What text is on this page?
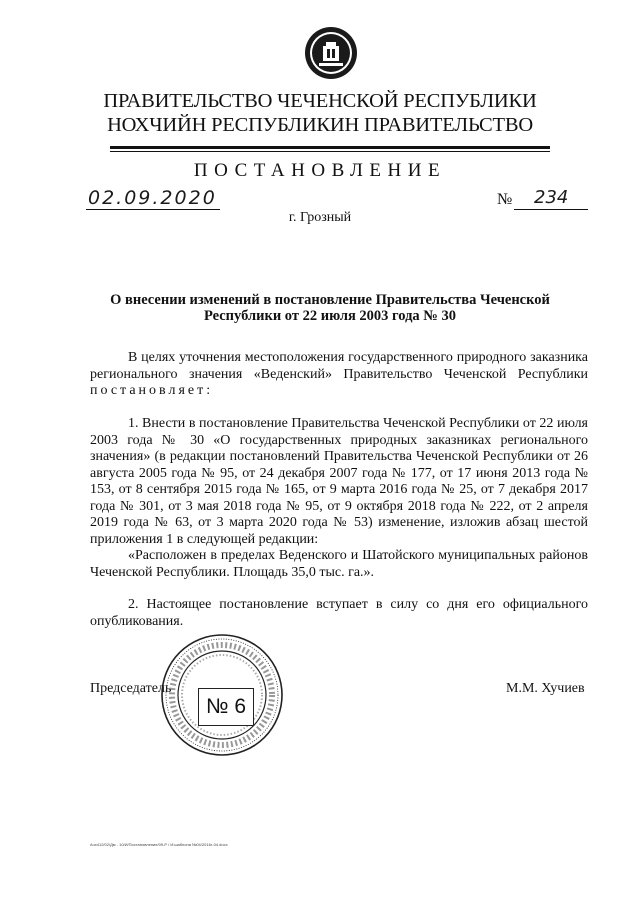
ПРАВИТЕЛЬСТВО ЧЕЧЕНСКОЙ РЕСПУБЛИКИ
НОХЧИЙН РЕСПУБЛИКИН ПРАВИТЕЛЬСТВО
ПОСТАНОВЛЕНИЕ
02.09.2020	№ 234
г. Грозный
О внесении изменений в постановление Правительства Чеченской Республики от 22 июля 2003 года № 30

В целях уточнения местоположения государственного природного заказника регионального значения «Веденский» Правительство Чеченской Республики постановляет:

1. Внести в постановление Правительства Чеченской Республики от 22 июля 2003 года № 30 «О государственных природных заказниках регионального значения» (в редакции постановлений Правительства Чеченской Республики от 26 августа 2005 года № 95, от 24 декабря 2007 года № 177, от 17 июня 2013 года № 153, от 8 сентября 2015 года № 165, от 9 марта 2016 года № 25, от 7 декабря 2017 года № 301, от 3 мая 2018 года № 95, от 9 октября 2018 года № 222, от 2 апреля 2019 года № 63, от 3 марта 2020 года № 53) изменение, изложив абзац шестой приложения 1 в следующей редакции:
«Расположен в пределах Веденского и Шатойского муниципальных районов Чеченской Республики. Площадь 35,0 тыс. га.».

2. Настоящее постановление вступает в силу со дня его официального опубликования.

Председатель
№ 6
М.М. Хучиев
Ачх412/02/Дм - 10/И/Постановление/09-Р / И:шаблона №04/2016г-04.docx
